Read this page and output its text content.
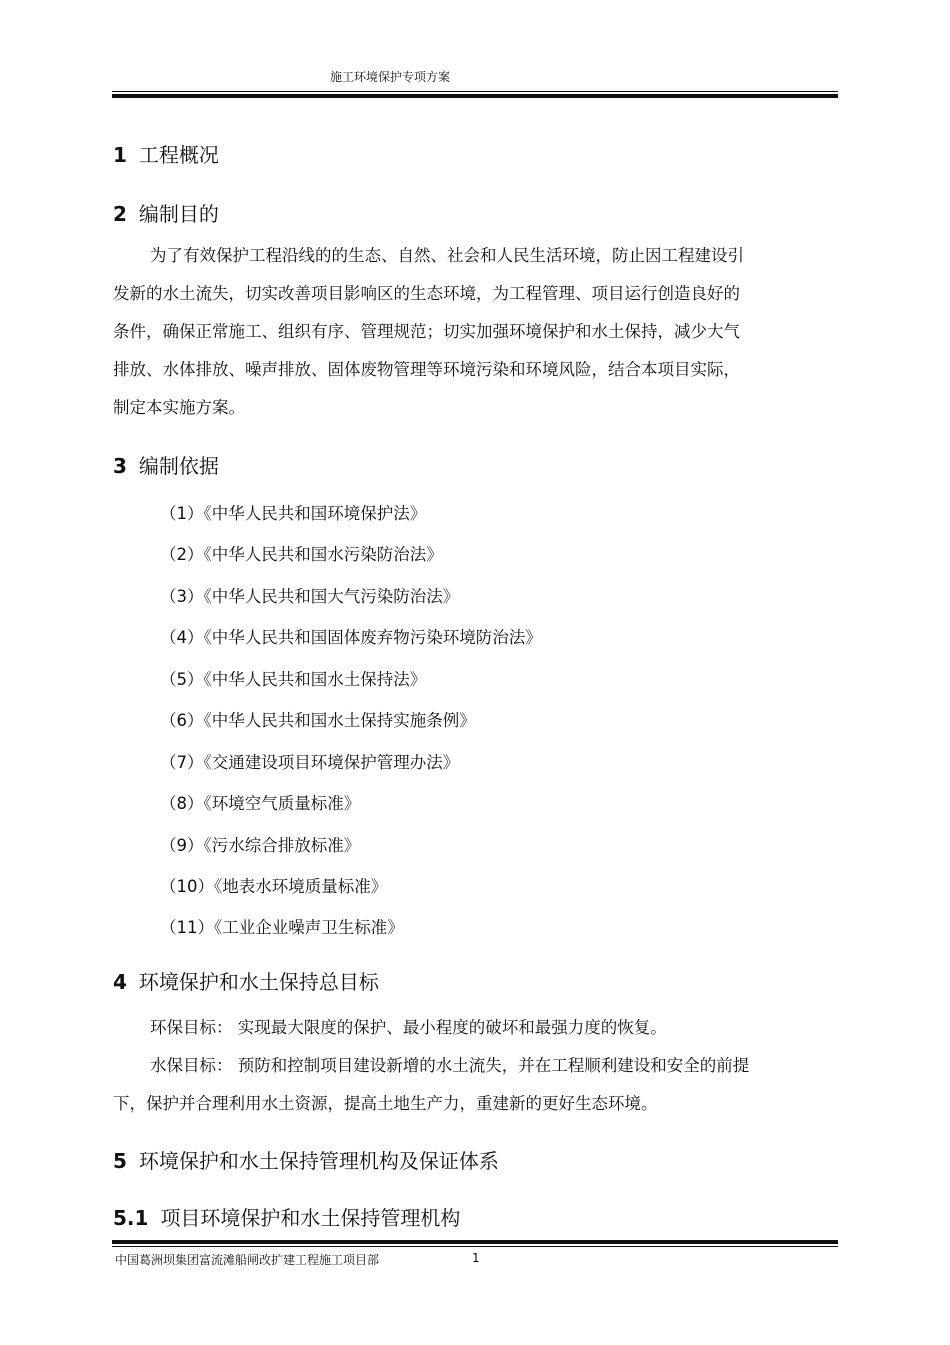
施工环境保护专项方案
1 工程概况
2 编制目的
为了有效保护工程沿线的的生态、自然、社会和人民生活环境，防止因工程建设引
发新的水土流失，切实改善项目影响区的生态环境，为工程管理、项目运行创造良好的
条件，确保正常施工、组织有序、管理规范；切实加强环境保护和水土保持，减少大气
排放、水体排放、噪声排放、固体废物管理等环境污染和环境风险，结合本项目实际，
制定本实施方案。
3 编制依据
（1）《中华人民共和国环境保护法》
（2）《中华人民共和国水污染防治法》
（3）《中华人民共和国大气污染防治法》
（4）《中华人民共和国固体废弃物污染环境防治法》
（5）《中华人民共和国水土保持法》
（6）《中华人民共和国水土保持实施条例》
（7）《交通建设项目环境保护管理办法》
（8）《环境空气质量标准》
（9）《污水综合排放标准》
（10）《地表水环境质量标准》
（11）《工业企业噪声卫生标准》
4 环境保护和水土保持总目标
环保目标： 实现最大限度的保护、最小程度的破坏和最强力度的恢复。
水保目标： 预防和控制项目建设新增的水土流失，并在工程顺利建设和安全的前提
下，保护并合理利用水土资源，提高土地生产力，重建新的更好生态环境。
5 环境保护和水土保持管理机构及保证体系
5.1 项目环境保护和水土保持管理机构
中国葛洲坝集团富流滩船闸改扩建工程施工项目部	1
